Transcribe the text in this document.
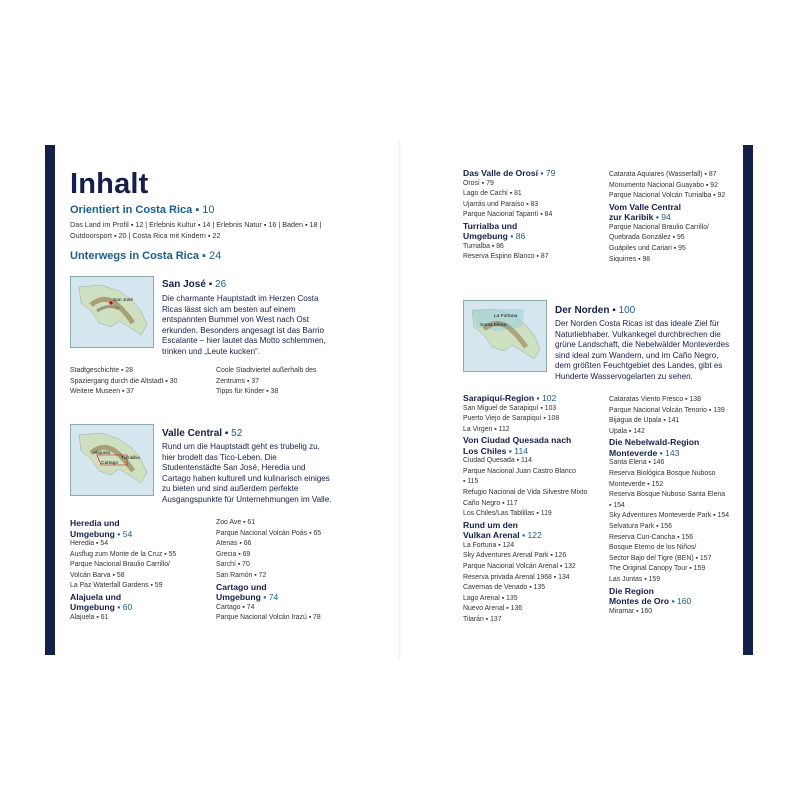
Inhalt
Orientiert in Costa Rica ▪ 10
Das Land im Profil ▪ 12 | Erlebnis Kultur ▪ 14 | Erlebnis Natur ▪ 16 | Baden ▪ 18 |
Outdoorsport ▪ 20 | Costa Rica mit Kindern ▪ 22
Unterwegs in Costa Rica ▪ 24
San José
San José ▪ 26
Die charmante Hauptstadt im Herzen Costa Ricas lässt sich am besten auf einem entspannten Bummel von West nach Ost erkunden. Besonders angesagt ist das Barrio Escalante – hier lautet das Motto schlemmen, trinken und „Leute kucken“.
Stadtgeschichte ▪ 28
Spaziergang durch die Altstadt ▪ 30
Weitere Museen ▪ 37
Coole Stadtviertel außerhalb des
Zentrums ▪ 37
Tipps für Kinder ▪ 38
Alajuela
Cartago
Turrialba
Valle Central ▪ 52
Rund um die Hauptstadt geht es trubelig zu, hier brodelt das Tico-Leben. Die Studentenstädte San José, Heredia und Cartago haben kulturell und kulinarisch einiges zu bieten und sind außerdem perfekte Ausgangspunkte für Unternehmungen im Valle.
Heredia und
Umgebung ▪ 54
Heredia ▪ 54
Ausflug zum Monte de la Cruz ▪ 55
Parque Nacional Braulio Carrillo/
Volcán Barva ▪ 58
La Paz Waterfall Gardens ▪ 59
Alajuela und
Umgebung ▪ 60
Alajuela ▪ 61
Zoo Ave ▪ 61
Parque Nacional Volcán Poás ▪ 65
Atenas ▪ 66
Grecia ▪ 69
Sarchí ▪ 70
San Ramón ▪ 72
Cartago und
Umgebung ▪ 74
Cartago ▪ 74
Parque Nacional Volcán Irazú ▪ 78
Das Valle de Orosí ▪ 79
Orosí ▪ 79
Lago de Cachí ▪ 81
Ujarrás und Paraíso ▪ 83
Parque Nacional Tapantí ▪ 84
Turrialba und
Umgebung ▪ 86
Turrialba ▪ 86
Reserva Espino Blanco ▪ 87
Catarata Aquiares (Wasserfall) ▪ 87
Monumento Nacional Guayabo ▪ 92
Parque Nacional Volcán Turrialba ▪ 92
Vom Valle Central
zur Karibik ▪ 94
Parque Nacional Braulio Carrillo/
Quebrada González ▪ 95
Guápiles und Cariari ▪ 95
Siquirres ▪ 98
La Fortuna
Santa Elena
Der Norden ▪ 100
Der Norden Costa Ricas ist das ideale Ziel für Naturliebhaber. Vulkankegel durchbrechen die grüne Landschaft, die Nebelwälder Monteverdes sind ideal zum Wandern, und im Caño Negro, dem größten Feuchtgebiet des Landes, gibt es Hunderte Wasservogelarten zu sehen.
Sarapiquí-Region ▪ 102
San Miguel de Sarapiquí ▪ 103
Puerto Viejo de Sarapiquí ▪ 108
La Virgen ▪ 112
Von Ciudad Quesada nach
Los Chiles ▪ 114
Ciudad Quesada ▪ 114
Parque Nacional Juan Castro Blanco
▪ 115
Refugio Nacional de Vida Silvestre Mixto
Caño Negro ▪ 117
Los Chiles/Las Tablillas ▪ 119
Rund um den
Vulkan Arenal ▪ 122
La Fortuna ▪ 124
Sky Adventures Arenal Park ▪ 126
Parque Nacional Volcán Arenal ▪ 132
Reserva privada Arenal 1968 ▪ 134
Cavernas de Venado ▪ 135
Lago Arenal ▪ 135
Nuevo Arenal ▪ 136
Tilarán ▪ 137
Cataratas Viento Fresco ▪ 138
Parque Nacional Volcán Tenorio ▪ 139
Bijagua de Upala ▪ 141
Upala ▪ 142
Die Nebelwald-Region
Monteverde ▪ 143
Santa Elena ▪ 146
Reserva Biológica Bosque Nuboso
Monteverde ▪ 152
Reserva Bosque Nuboso Santa Elena
▪ 154
Sky Adventures Monteverde Park ▪ 154
Selvatura Park ▪ 156
Reserva Curi-Cancha ▪ 156
Bosque Eterno de los Niños/
Sector Bajo del Tigre (BEN) ▪ 157
The Original Canopy Tour ▪ 159
Las Juntas ▪ 159
Die Region
Montes de Oro ▪ 160
Miramar ▪ 160
